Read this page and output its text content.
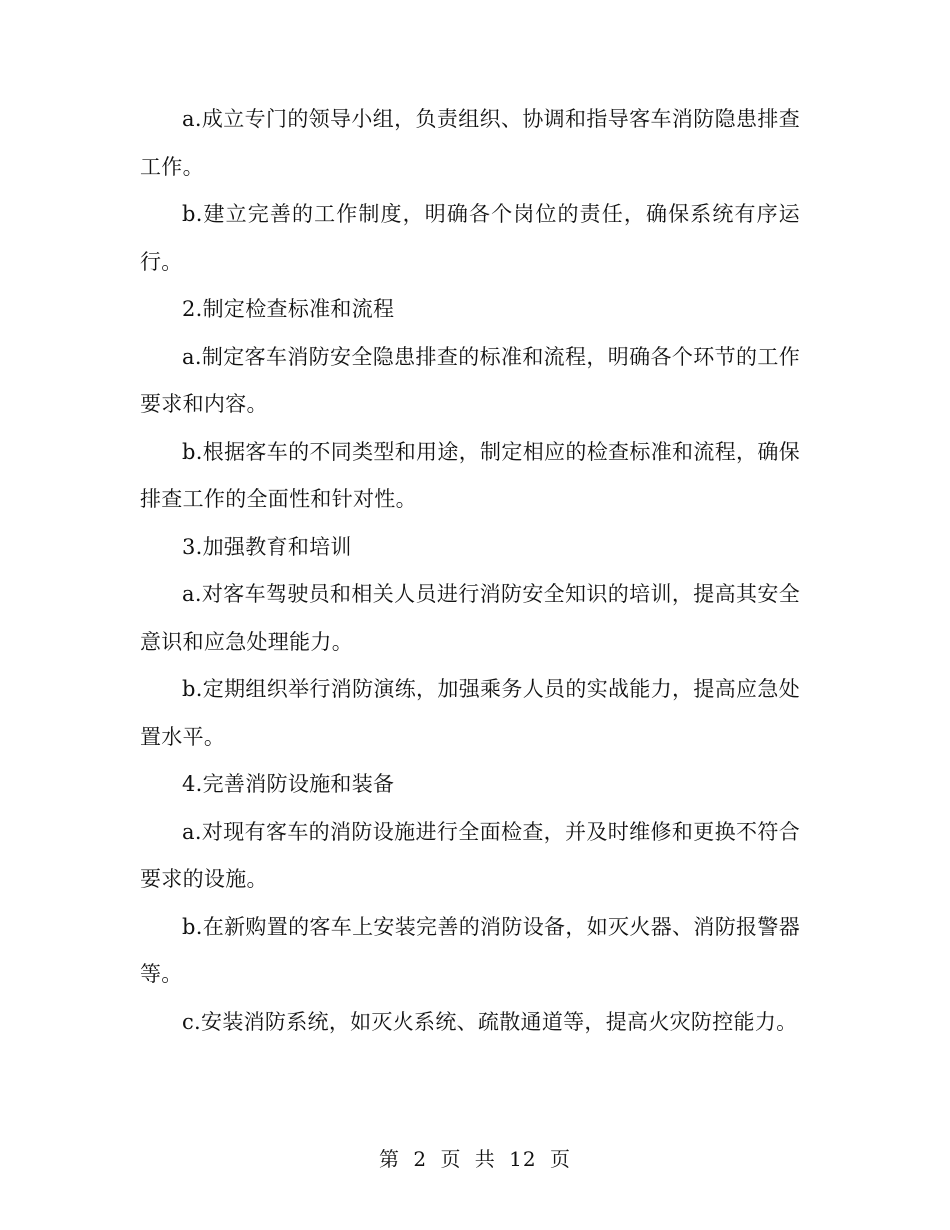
a.成立专门的领导小组，负责组织、协调和指导客车消防隐患排查工作。

b.建立完善的工作制度，明确各个岗位的责任，确保系统有序运行。

2.制定检查标准和流程

a.制定客车消防安全隐患排查的标准和流程，明确各个环节的工作要求和内容。

b.根据客车的不同类型和用途，制定相应的检查标准和流程，确保排查工作的全面性和针对性。

3.加强教育和培训

a.对客车驾驶员和相关人员进行消防安全知识的培训，提高其安全意识和应急处理能力。

b.定期组织举行消防演练，加强乘务人员的实战能力，提高应急处置水平。

4.完善消防设施和装备

a.对现有客车的消防设施进行全面检查，并及时维修和更换不符合要求的设施。

b.在新购置的客车上安装完善的消防设备，如灭火器、消防报警器等。

c.安装消防系统，如灭火系统、疏散通道等，提高火灾防控能力。

第 2 页 共 12 页
